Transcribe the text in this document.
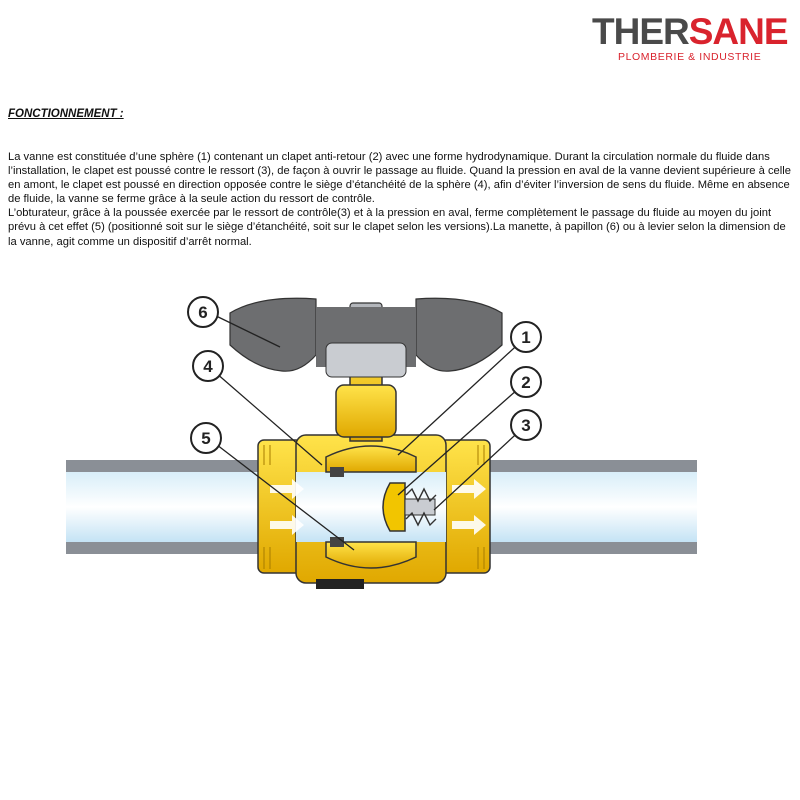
THERSANE
PLOMBERIE & INDUSTRIE
FONCTIONNEMENT :

La vanne est constituée d’une sphère (1) contenant un clapet anti-retour (2) avec une forme hydrodynamique. Durant la circulation normale du fluide dans l’installation, le clapet est poussé contre le ressort (3), de façon à ouvrir le passage au fluide. Quand la pression en aval de la vanne devient supérieure à celle en amont, le clapet est poussé en direction opposée contre le siège d’étanchéité de la sphère (4), afin d’éviter l’inversion de sens du fluide. Même en absence de fluide, la vanne se ferme grâce à la seule action du ressort de contrôle.

L’obturateur, grâce à la poussée exercée par le ressort de contrôle(3) et à la pression en aval, ferme complètement le passage du fluide au moyen du joint prévu à cet effet (5) (positionné soit sur le siège d’étanchéité, soit sur le clapet selon les versions).La manette, à papillon (6) ou à levier selon la dimension de la vanne, agit comme un dispositif d’arrêt normal.

6
4
5
1
2
3
